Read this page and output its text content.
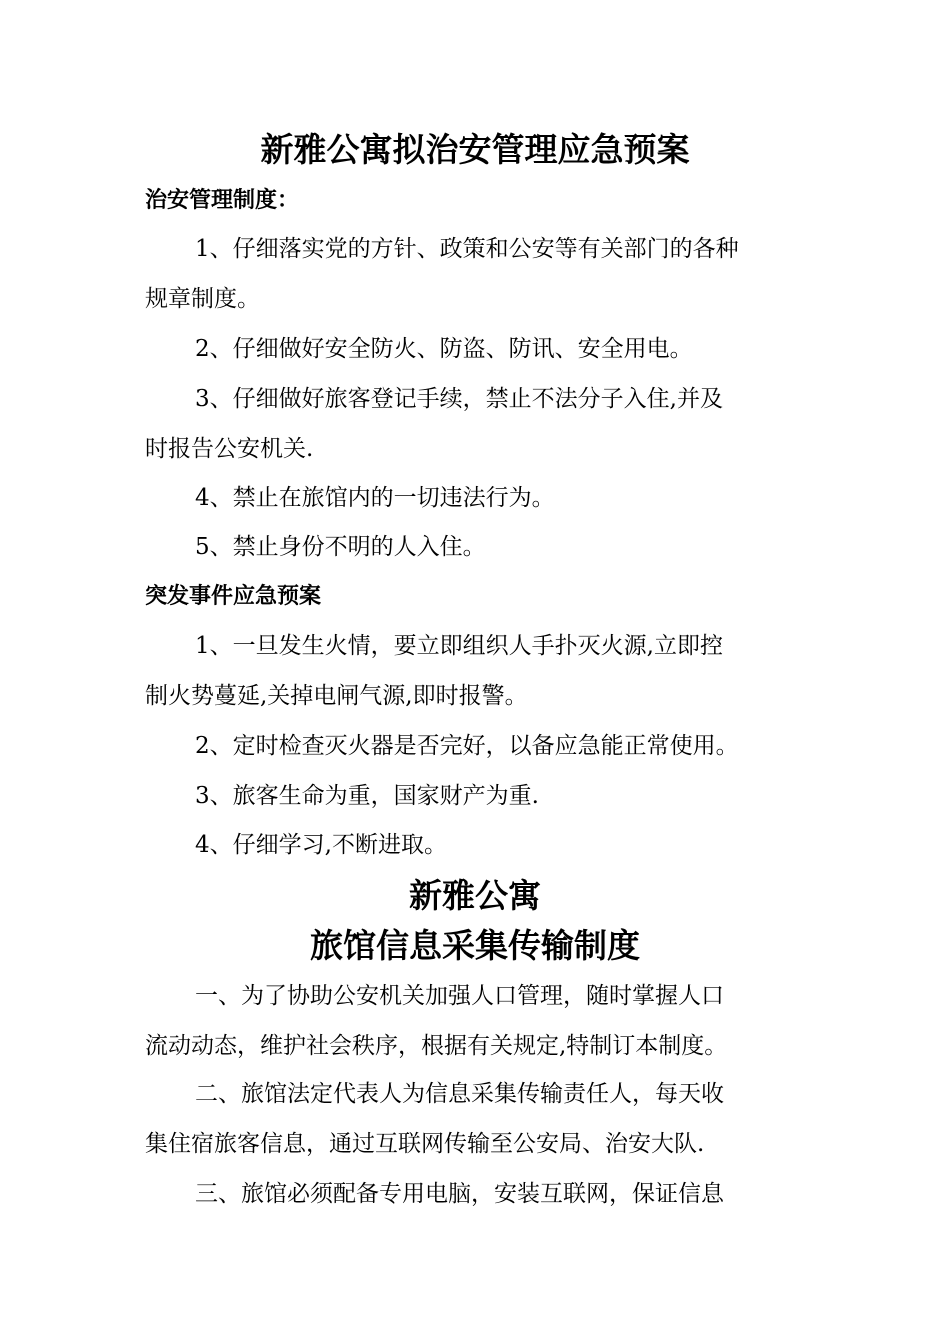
新雅公寓拟治安管理应急预案
治安管理制度：
1、仔细落实党的方针、政策和公安等有关部门的各种
规章制度。
2、仔细做好安全防火、防盗、防讯、安全用电。
3、仔细做好旅客登记手续，禁止不法分子入住,并及
时报告公安机关.
4、禁止在旅馆内的一切违法行为。
5、禁止身份不明的人入住。
突发事件应急预案
1、一旦发生火情，要立即组织人手扑灭火源,立即控
制火势蔓延,关掉电闸气源,即时报警。
2、定时检查灭火器是否完好，以备应急能正常使用。
3、旅客生命为重，国家财产为重.
4、仔细学习,不断进取。
新雅公寓
旅馆信息采集传输制度
一、为了协助公安机关加强人口管理，随时掌握人口
流动动态，维护社会秩序，根据有关规定,特制订本制度。
二、旅馆法定代表人为信息采集传输责任人，每天收
集住宿旅客信息，通过互联网传输至公安局、治安大队.
三、旅馆必须配备专用电脑，安装互联网，保证信息
